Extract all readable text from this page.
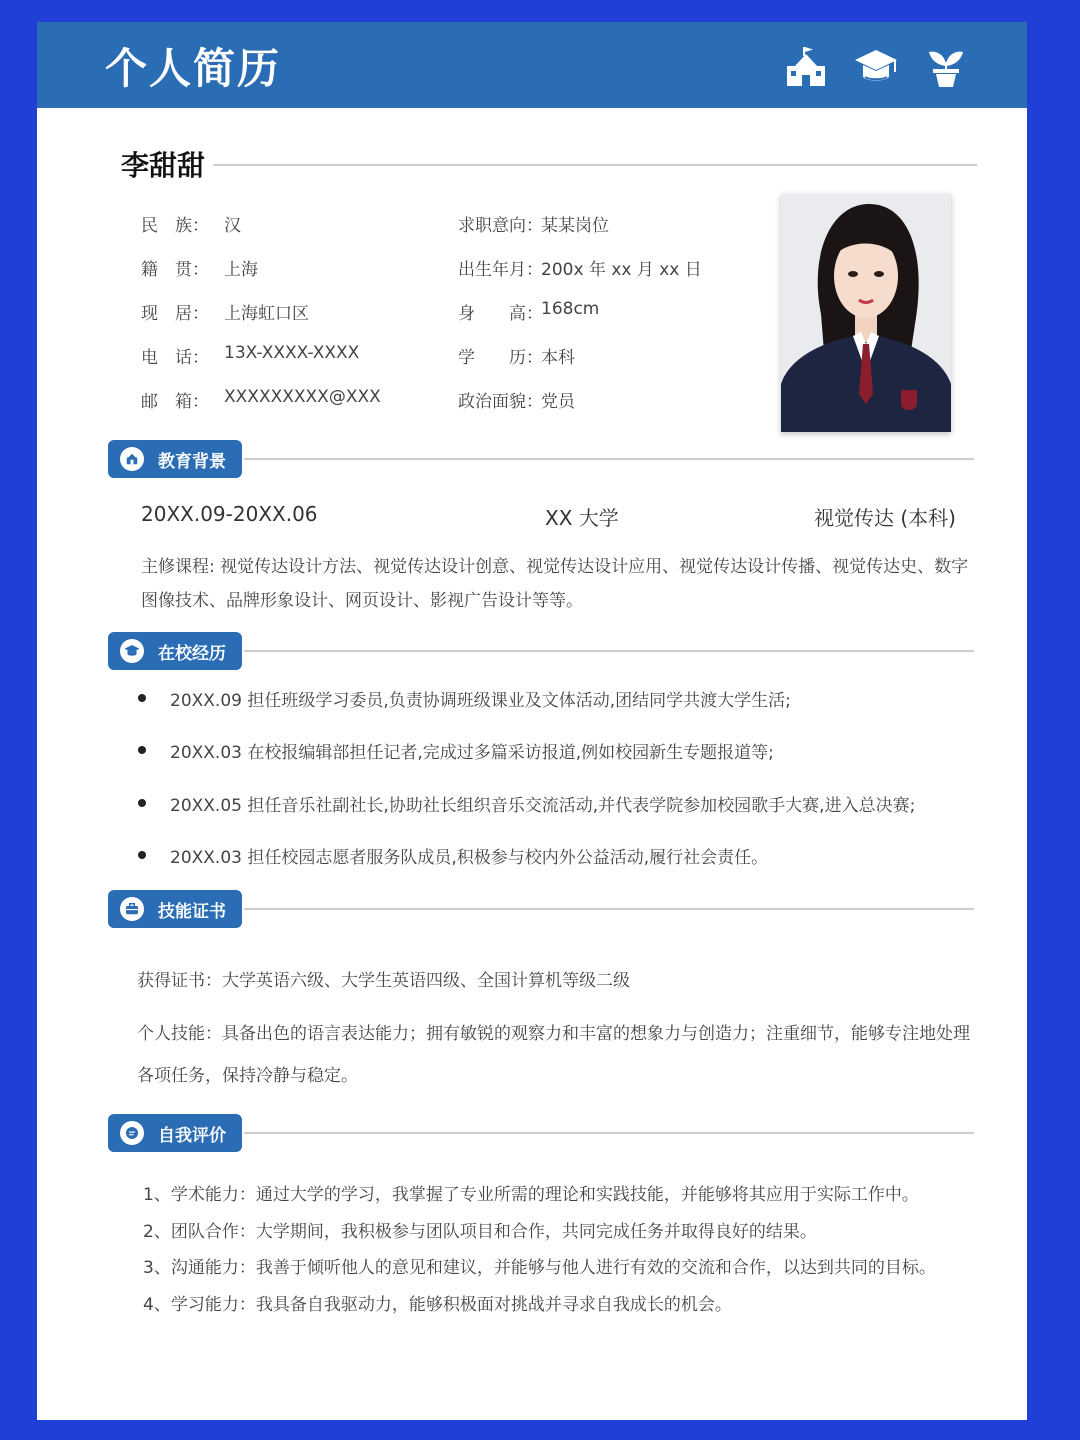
个人简历
李甜甜
民　族： 汉
籍　贯： 上海
现　居： 上海虹口区
电　话： 13X-XXXX-XXXX
邮　箱： XXXXXXXXX@XXX
求职意向：
某某岗位
出生年月：
200x 年 xx 月 xx 日
身　　高：
168cm
学　　历：
本科
政治面貌：
党员
教育背景
20XX.09-20XX.06	XX 大学	视觉传达 (本科)
主修课程: 视觉传达设计方法、视觉传达设计创意、视觉传达设计应用、视觉传达设计传播、视觉传达史、数字
图像技术、品牌形象设计、网页设计、影视广告设计等等。
在校经历
20XX.09 担任班级学习委员,负责协调班级课业及文体活动,团结同学共渡大学生活;
20XX.03 在校报编辑部担任记者,完成过多篇采访报道,例如校园新生专题报道等;
20XX.05 担任音乐社副社长,协助社长组织音乐交流活动,并代表学院参加校园歌手大赛,进入总决赛;
20XX.03 担任校园志愿者服务队成员,积极参与校内外公益活动,履行社会责任。
技能证书
获得证书：大学英语六级、大学生英语四级、全国计算机等级二级
个人技能：具备出色的语言表达能力；拥有敏锐的观察力和丰富的想象力与创造力；注重细节，能够专注地处理
各项任务，保持冷静与稳定。
自我评价
1、学术能力：通过大学的学习，我掌握了专业所需的理论和实践技能，并能够将其应用于实际工作中。
2、团队合作：大学期间，我积极参与团队项目和合作，共同完成任务并取得良好的结果。
3、沟通能力：我善于倾听他人的意见和建议，并能够与他人进行有效的交流和合作，以达到共同的目标。
4、学习能力：我具备自我驱动力，能够积极面对挑战并寻求自我成长的机会。
